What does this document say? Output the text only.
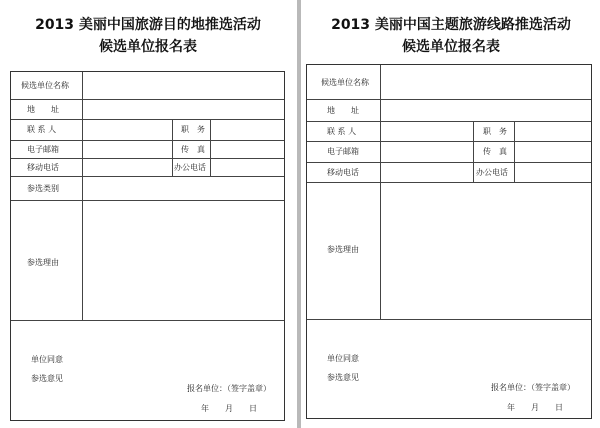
2013 美丽中国旅游目的地推选活动
候选单位报名表
候选单位名称
地　　址
联 系 人	职　务
电子邮箱	传　真
移动电话	办公电话
参选类别
参选理由
单位同意
参选意见
报名单位：（签字盖章）
年　　月　　日
2013 美丽中国主题旅游线路推选活动
候选单位报名表
候选单位名称
地　　址
联 系 人	职　务
电子邮箱	传　真
移动电话	办公电话
参选理由
单位同意
参选意见
报名单位：（签字盖章）
年　　月　　日
